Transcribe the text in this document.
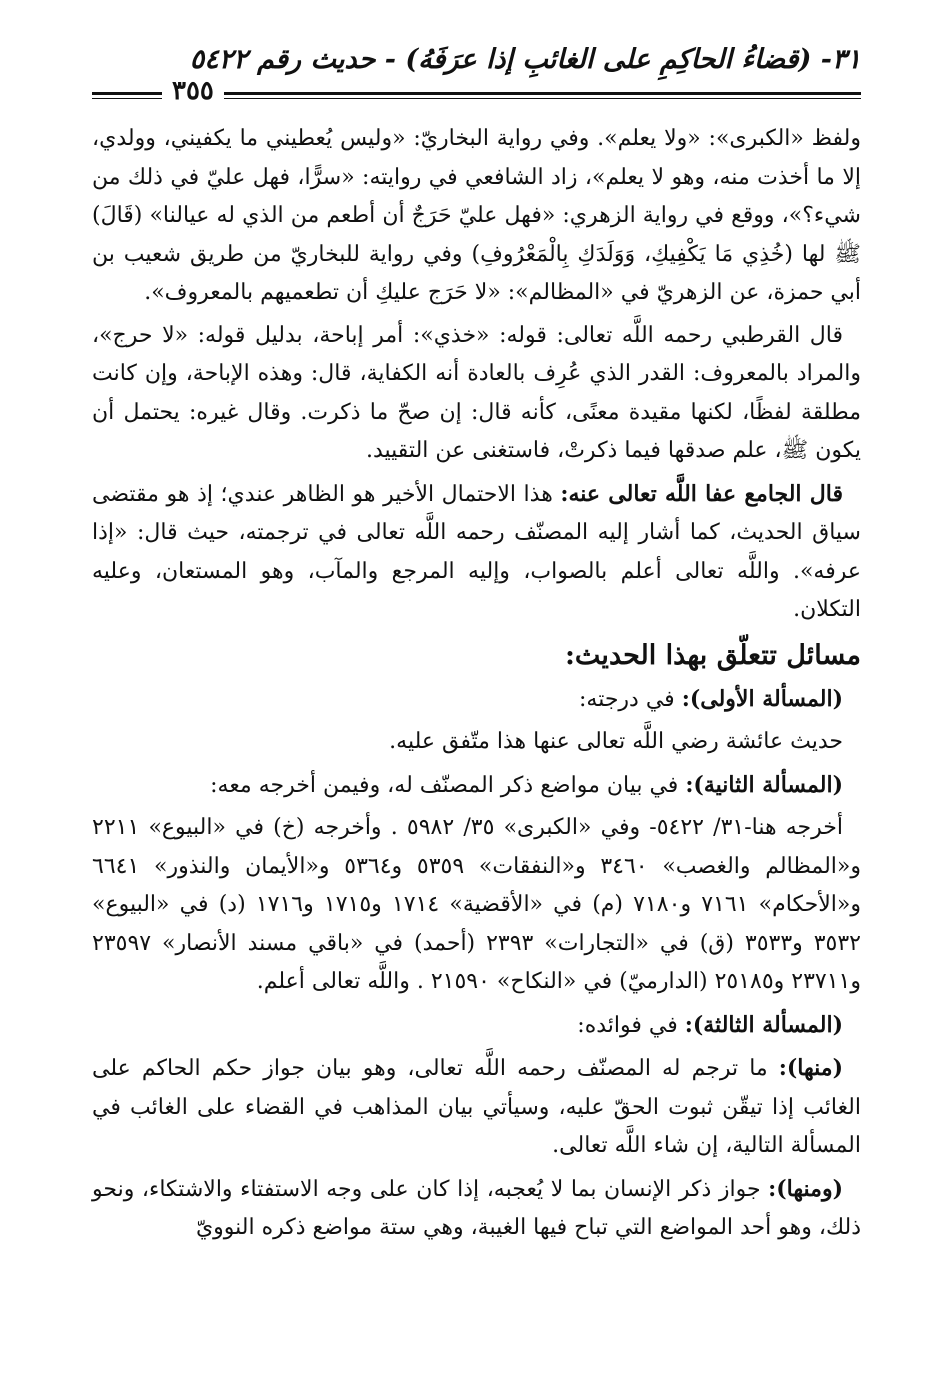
٣١- (قضاءُ الحاكِمِ على الغائبِ إذا عرَفَهُ) - حديث رقم ٥٤٢٢
٣٥٥

ولفظ «الكبرى»: «ولا يعلم». وفي رواية البخاريّ: «وليس يُعطيني ما يكفيني، وولدي، إلا ما أخذت منه، وهو لا يعلم»، زاد الشافعي في روايته: «سرًّا، فهل عليّ في ذلك من شيء؟»، ووقع في رواية الزهري: «فهل عليّ حَرَجٌ أن أطعم من الذي له عيالنا» (قَالَ) ﷺ لها (خُذِي مَا يَكْفِيكِ، وَوَلَدَكِ بِالْمَعْرُوفِ) وفي رواية للبخاريّ من طريق شعيب بن أبي حمزة، عن الزهريّ في «المظالم»: «لا حَرَج عليكِ أن تطعميهم بالمعروف».

قال القرطبي رحمه اللَّه تعالى: قوله: «خذي»: أمر إباحة، بدليل قوله: «لا حرج»، والمراد بالمعروف: القدر الذي عُرِف بالعادة أنه الكفاية، قال: وهذه الإباحة، وإن كانت مطلقة لفظًا، لكنها مقيدة معنًى، كأنه قال: إن صحّ ما ذكرت. وقال غيره: يحتمل أن يكون ﷺ، علم صدقها فيما ذكرتْ، فاستغنى عن التقييد.

قال الجامع عفا اللَّه تعالى عنه: هذا الاحتمال الأخير هو الظاهر عندي؛ إذ هو مقتضى سياق الحديث، كما أشار إليه المصنّف رحمه اللَّه تعالى في ترجمته، حيث قال: «إذا عرفه». واللَّه تعالى أعلم بالصواب، وإليه المرجع والمآب، وهو المستعان، وعليه التكلان.

مسائل تتعلّق بهذا الحديث:

(المسألة الأولى): في درجته:

حديث عائشة رضي اللَّه تعالى عنها هذا متّفق عليه.

(المسألة الثانية): في بيان مواضع ذكر المصنّف له، وفيمن أخرجه معه:

أخرجه هنا-٣١/ ٥٤٢٢- وفي «الكبرى» ٣٥/ ٥٩٨٢ . وأخرجه (خ) في «البيوع» ٢٢١١ و«المظالم والغصب» ٣٤٦٠ و«النفقات» ٥٣٥٩ و٥٣٦٤ و«الأيمان والنذور» ٦٦٤١ و«الأحكام» ٧١٦١ و٧١٨٠ (م) في «الأقضية» ١٧١٤ و١٧١٥ و١٧١٦ (د) في «البيوع» ٣٥٣٢ و٣٥٣٣ (ق) في «التجارات» ٢٣٩٣ (أحمد) في «باقي مسند الأنصار» ٢٣٥٩٧ و٢٣٧١١ و٢٥١٨٥ (الدارميّ) في «النكاح» ٢١٥٩٠ . واللَّه تعالى أعلم.

(المسألة الثالثة): في فوائده:

(منها): ما ترجم له المصنّف رحمه اللَّه تعالى، وهو بيان جواز حكم الحاكم على الغائب إذا تيقّن ثبوت الحقّ عليه، وسيأتي بيان المذاهب في القضاء على الغائب في المسألة التالية، إن شاء اللَّه تعالى.

(ومنها): جواز ذكر الإنسان بما لا يُعجبه، إذا كان على وجه الاستفتاء والاشتكاء، ونحو ذلك، وهو أحد المواضع التي تباح فيها الغيبة، وهي ستة مواضع ذكره النوويّ
